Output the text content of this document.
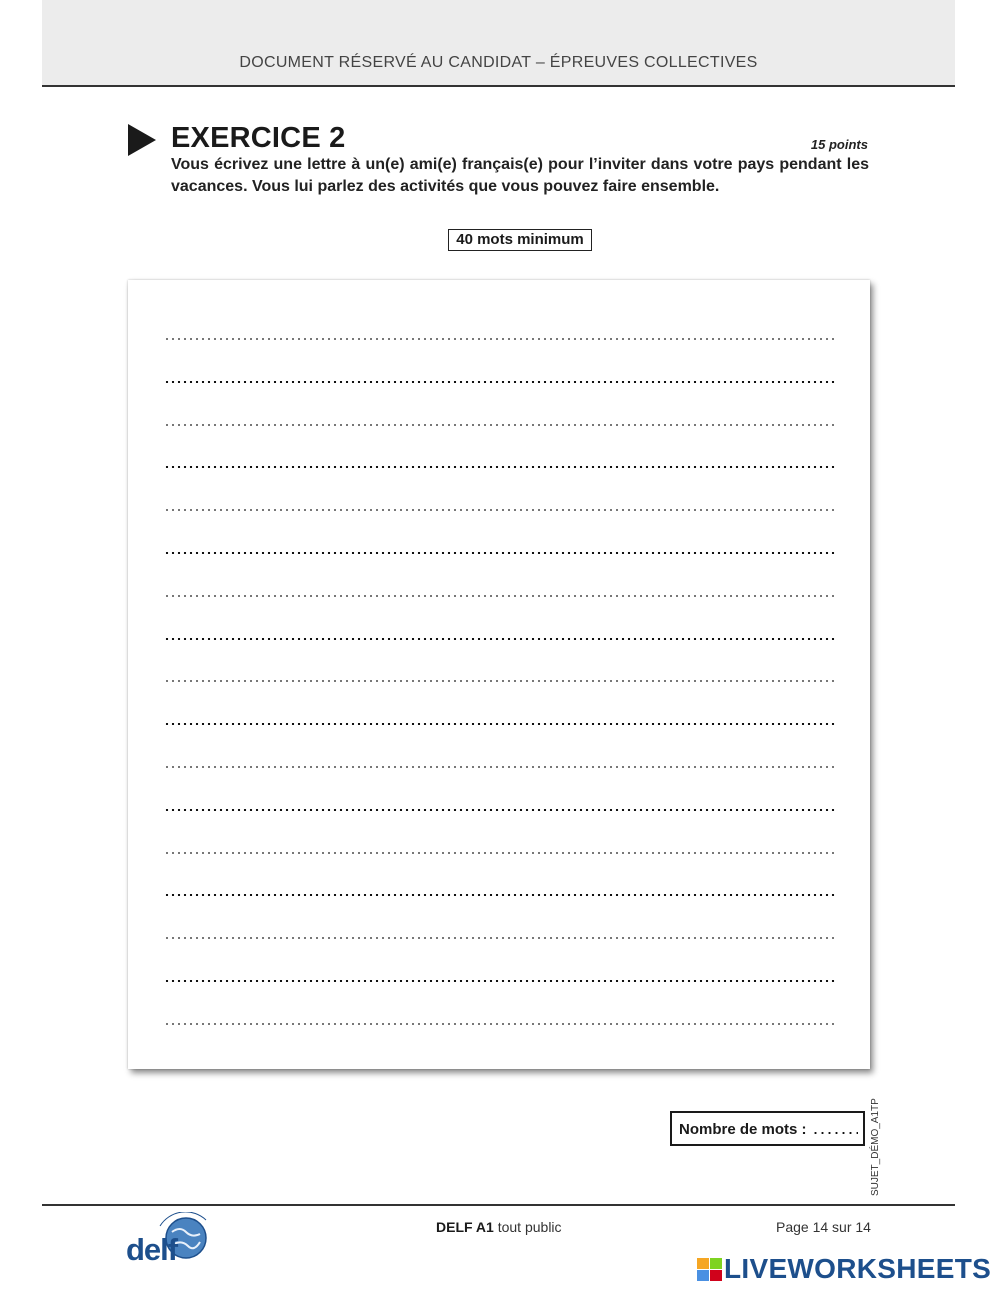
DOCUMENT RÉSERVÉ AU CANDIDAT – ÉPREUVES COLLECTIVES
EXERCICE 2	15 points
Vous écrivez une lettre à un(e) ami(e) français(e) pour l’inviter dans votre pays pendant les vacances. Vous lui parlez des activités que vous pouvez faire ensemble.
40 mots minimum
Nombre de mots :	SUJET_DÉMO_A1TP
delf
DELF A1 tout public	Page 14 sur 14
LIVEWORKSHEETS
